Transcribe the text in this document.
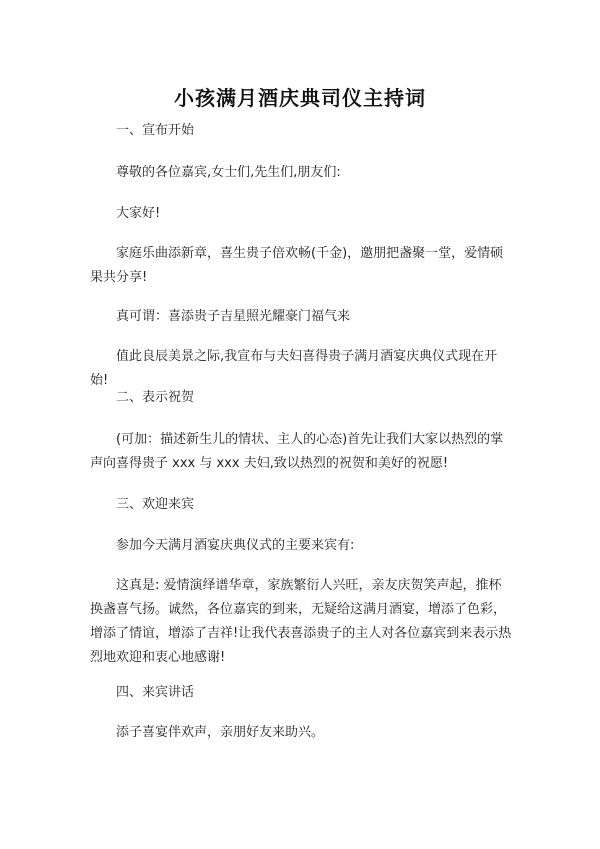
小孩满月酒庆典司仪主持词
一、宣布开始
尊敬的各位嘉宾,女士们,先生们,朋友们:
大家好!
家庭乐曲添新章，喜生贵子倍欢畅(千金)，邀朋把盏聚一堂，爱情硕果共分享!
真可谓：喜添贵子吉星照光耀豪门福气来
值此良辰美景之际,我宣布与夫妇喜得贵子满月酒宴庆典仪式现在开始!
二、表示祝贺
(可加：描述新生儿的情状、主人的心态)首先让我们大家以热烈的掌声向喜得贵子 xxx 与 xxx 夫妇,致以热烈的祝贺和美好的祝愿!
三、欢迎来宾
参加今天满月酒宴庆典仪式的主要来宾有:
这真是: 爱情演绎谱华章，家族繁衍人兴旺，亲友庆贺笑声起，推杯换盏喜气扬。诚然，各位嘉宾的到来，无疑给这满月酒宴，增添了色彩，增添了情谊，增添了吉祥!让我代表喜添贵子的主人对各位嘉宾到来表示热烈地欢迎和衷心地感谢!
四、来宾讲话
添子喜宴伴欢声，亲朋好友来助兴。
